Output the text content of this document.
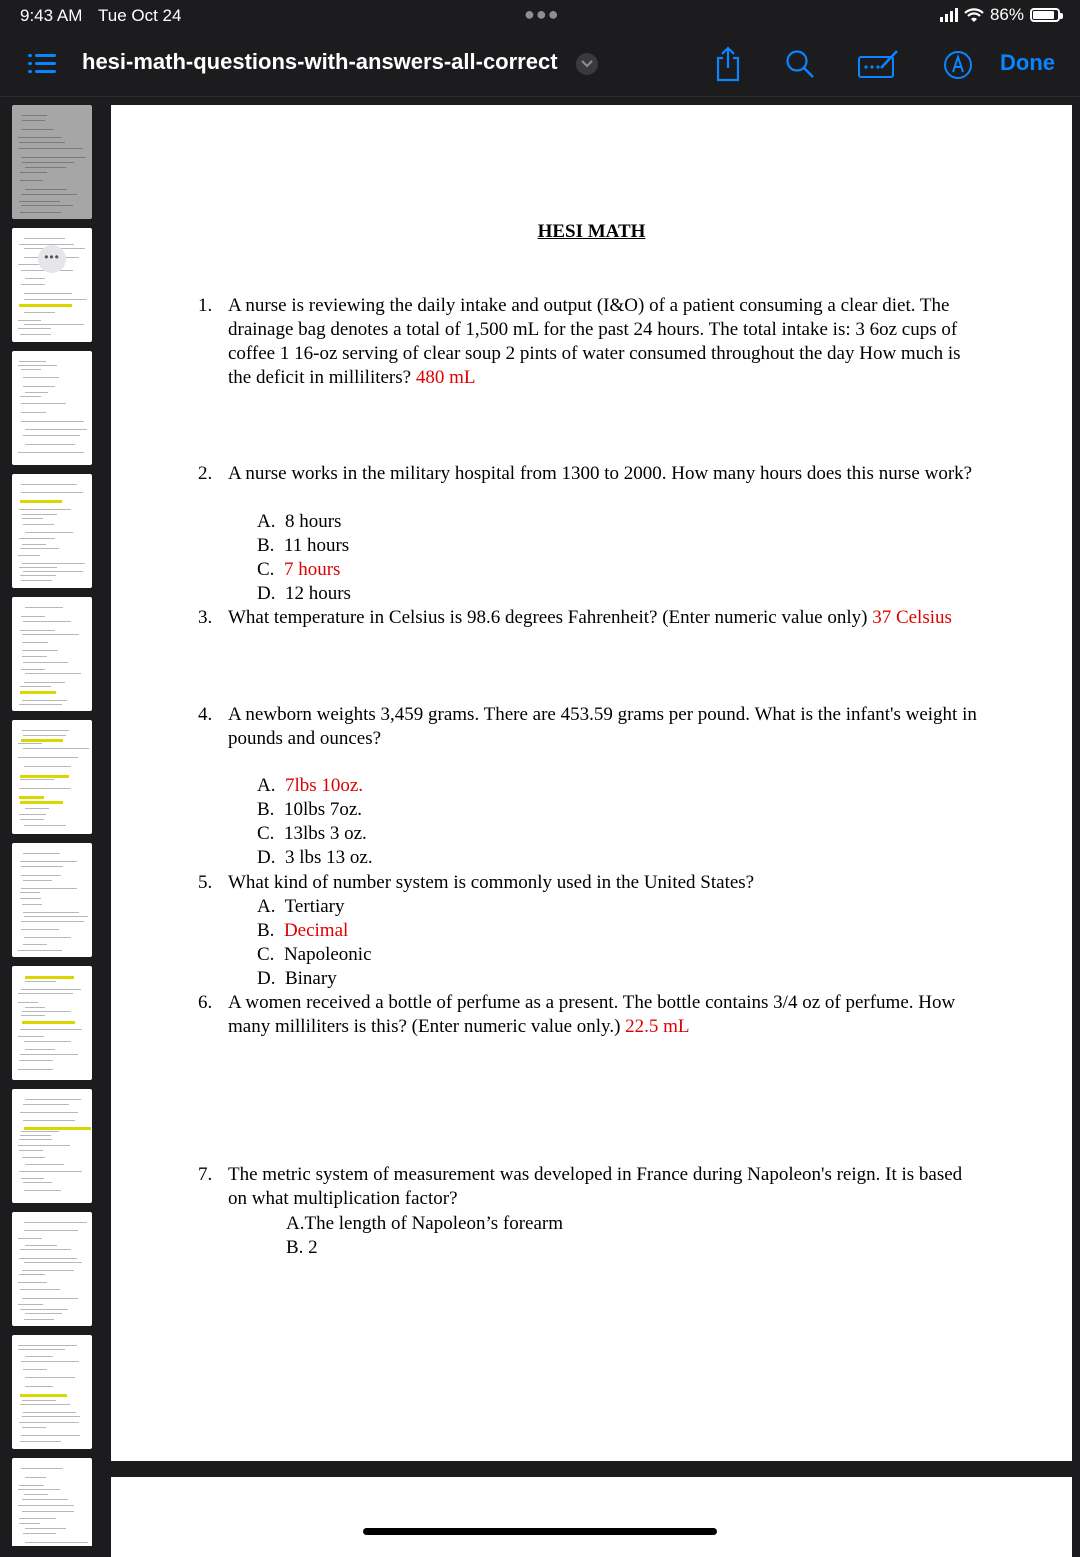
9:43 AM Tue Oct 24	●●●	86%
hesi-math-questions-with-answers-all-correct	Done
•••
HESI MATH
1. A nurse is reviewing the daily intake and output (I&O) of a patient consuming a clear diet. The drainage bag denotes a total of 1,500 mL for the past 24 hours. The total intake is: 3 6oz cups of coffee 1 16-oz serving of clear soup 2 pints of water consumed throughout the day How much is the deficit in milliliters? 480 mL
2. A nurse works in the military hospital from 1300 to 2000. How many hours does this nurse work?
A. 8 hours
B. 11 hours
C. 7 hours
D. 12 hours
3. What temperature in Celsius is 98.6 degrees Fahrenheit? (Enter numeric value only) 37 Celsius
4. A newborn weights 3,459 grams. There are 453.59 grams per pound. What is the infant's weight in pounds and ounces?
A. 7lbs 10oz.
B. 10lbs 7oz.
C. 13lbs 3 oz.
D. 3 lbs 13 oz.
5. What kind of number system is commonly used in the United States?
A. Tertiary
B. Decimal
C. Napoleonic
D. Binary
6. A women received a bottle of perfume as a present. The bottle contains 3/4 oz of perfume. How many milliliters is this? (Enter numeric value only.) 22.5 mL
7. The metric system of measurement was developed in France during Napoleon's reign. It is based on what multiplication factor?
A.The length of Napoleon’s forearm
B. 2
